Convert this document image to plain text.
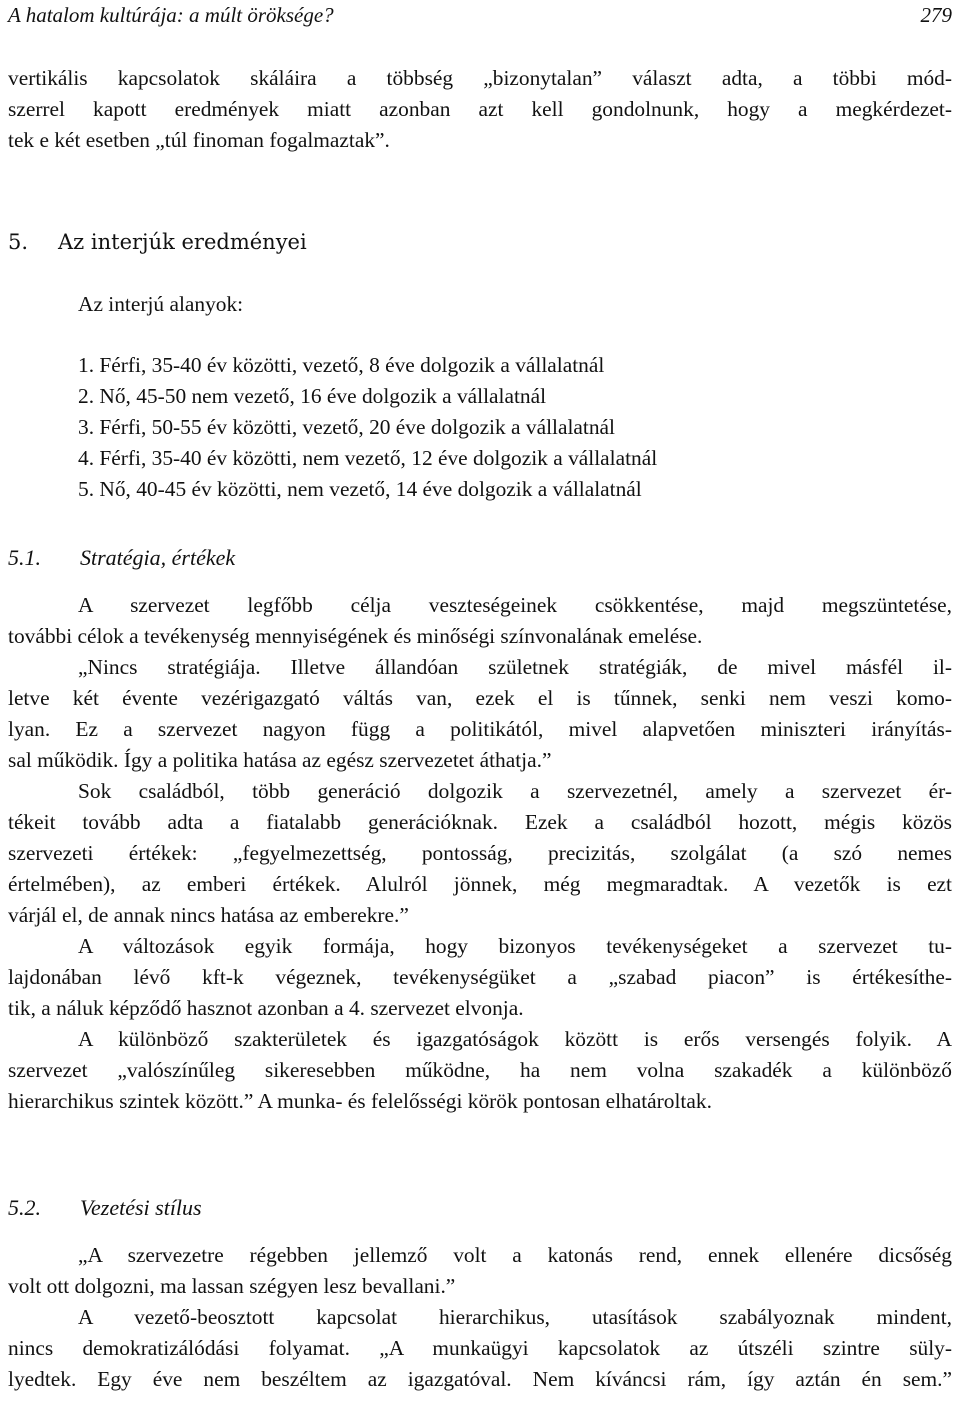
A hatalom kultúrája: a múlt öröksége?	279
vertikális kapcsolatok skáláira a többség „bizonytalan” választ adta, a többi mód-
szerrel kapott eredmények miatt azonban azt kell gondolnunk, hogy a megkérdezet-
tek e két esetben „túl finoman fogalmaztak”.
5. Az interjúk eredményei
Az interjú alanyok:
1. Férfi, 35-40 év közötti, vezető, 8 éve dolgozik a vállalatnál
2. Nő, 45-50 nem vezető, 16 éve dolgozik a vállalatnál
3. Férfi, 50-55 év közötti, vezető, 20 éve dolgozik a vállalatnál
4. Férfi, 35-40 év közötti, nem vezető, 12 éve dolgozik a vállalatnál
5. Nő, 40-45 év közötti, nem vezető, 14 éve dolgozik a vállalatnál
5.1. Stratégia, értékek
A szervezet legfőbb célja veszteségeinek csökkentése, majd megszüntetése,
további célok a tevékenység mennyiségének és minőségi színvonalának emelése.
„Nincs stratégiája. Illetve állandóan születnek stratégiák, de mivel másfél il-
letve két évente vezérigazgató váltás van, ezek el is tűnnek, senki nem veszi komo-
lyan. Ez a szervezet nagyon függ a politikától, mivel alapvetően miniszteri irányítás-
sal működik. Így a politika hatása az egész szervezetet áthatja.”
Sok családból, több generáció dolgozik a szervezetnél, amely a szervezet ér-
tékeit tovább adta a fiatalabb generációknak. Ezek a családból hozott, mégis közös
szervezeti értékek: „fegyelmezettség, pontosság, precizitás, szolgálat (a szó nemes
értelmében), az emberi értékek. Alulról jönnek, még megmaradtak. A vezetők is ezt
várjál el, de annak nincs hatása az emberekre.”
A változások egyik formája, hogy bizonyos tevékenységeket a szervezet tu-
lajdonában lévő kft-k végeznek, tevékenységüket a „szabad piacon” is értékesíthe-
tik, a náluk képződő hasznot azonban a 4. szervezet elvonja.
A különböző szakterületek és igazgatóságok között is erős versengés folyik. A
szervezet „valószínűleg sikeresebben működne, ha nem volna szakadék a különböző
hierarchikus szintek között.” A munka- és felelősségi körök pontosan elhatároltak.
5.2. Vezetési stílus
„A szervezetre régebben jellemző volt a katonás rend, ennek ellenére dicsőség
volt ott dolgozni, ma lassan szégyen lesz bevallani.”
A vezető-beosztott kapcsolat hierarchikus, utasítások szabályoznak mindent,
nincs demokratizálódási folyamat. „A munkaügyi kapcsolatok az útszéli szintre süly-
lyedtek. Egy éve nem beszéltem az igazgatóval. Nem kíváncsi rám, így aztán én sem.”
